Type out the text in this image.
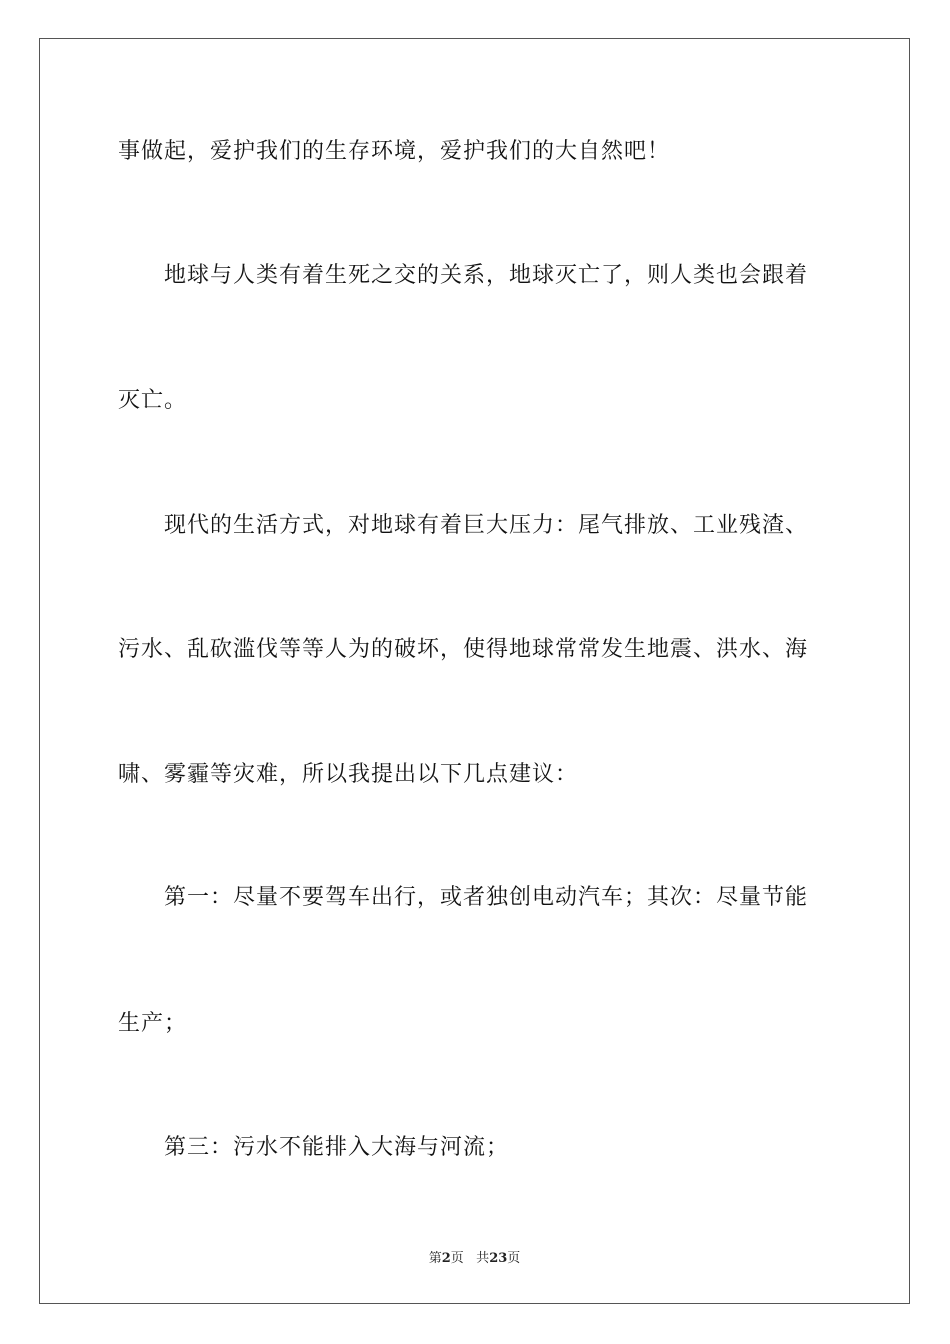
事做起，爱护我们的生存环境，爱护我们的大自然吧！
地球与人类有着生死之交的关系，地球灭亡了，则人类也会跟着
灭亡。
现代的生活方式，对地球有着巨大压力：尾气排放、工业残渣、
污水、乱砍滥伐等等人为的破坏，使得地球常常发生地震、洪水、海
啸、雾霾等灾难，所以我提出以下几点建议：
第一：尽量不要驾车出行，或者独创电动汽车；其次：尽量节能
生产；
第三：污水不能排入大海与河流；
第2页 共23页
